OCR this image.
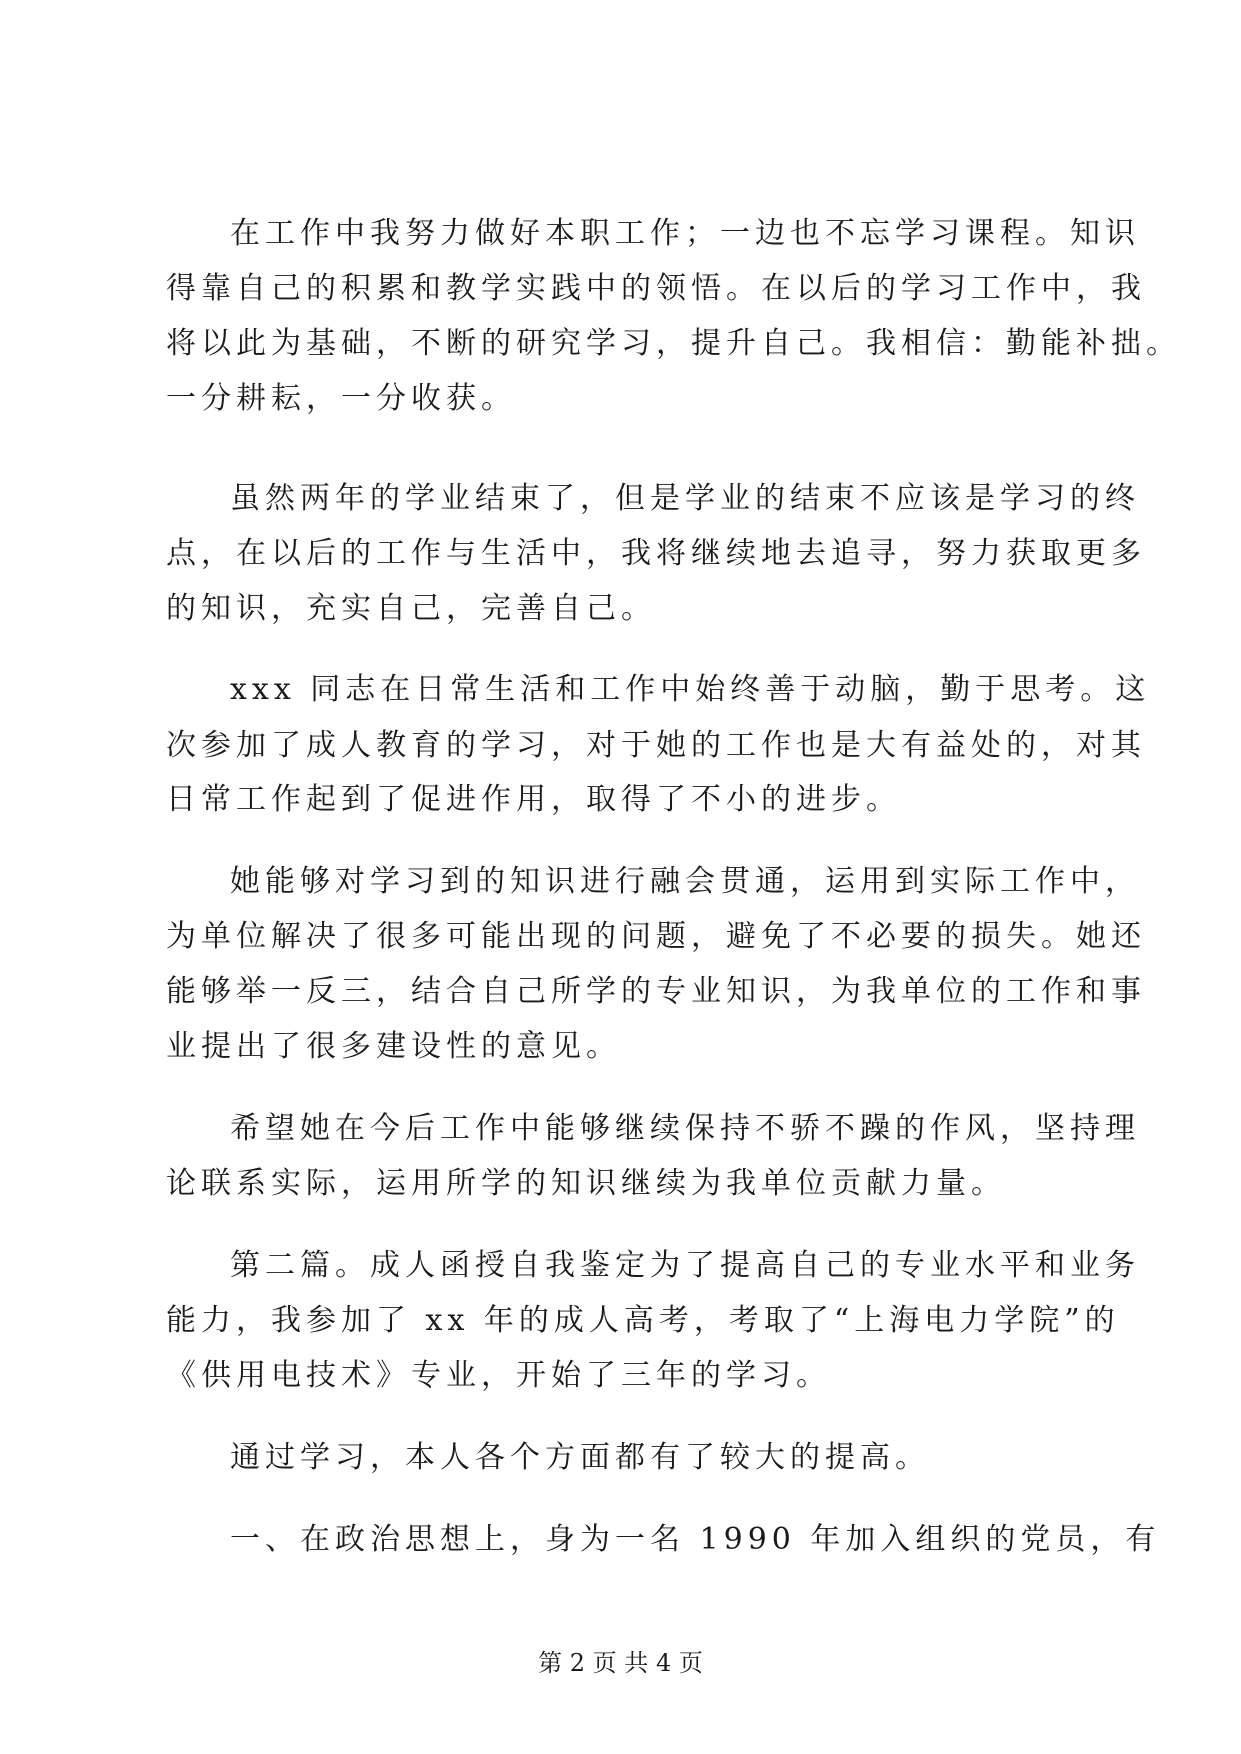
在工作中我努力做好本职工作；一边也不忘学习课程。知识
得靠自己的积累和教学实践中的领悟。在以后的学习工作中，我
将以此为基础，不断的研究学习，提升自己。我相信：勤能补拙。
一分耕耘，一分收获。
虽然两年的学业结束了，但是学业的结束不应该是学习的终
点，在以后的工作与生活中，我将继续地去追寻，努力获取更多
的知识，充实自己，完善自己。
xxx 同志在日常生活和工作中始终善于动脑，勤于思考。这
次参加了成人教育的学习，对于她的工作也是大有益处的，对其
日常工作起到了促进作用，取得了不小的进步。
她能够对学习到的知识进行融会贯通，运用到实际工作中，
为单位解决了很多可能出现的问题，避免了不必要的损失。她还
能够举一反三，结合自己所学的专业知识，为我单位的工作和事
业提出了很多建设性的意见。
希望她在今后工作中能够继续保持不骄不躁的作风，坚持理
论联系实际，运用所学的知识继续为我单位贡献力量。
第二篇。成人函授自我鉴定为了提高自己的专业水平和业务
能力，我参加了 xx 年的成人高考，考取了“上海电力学院”的
《供用电技术》专业，开始了三年的学习。
通过学习，本人各个方面都有了较大的提高。
一、在政治思想上，身为一名 1990 年加入组织的党员，有
第 2 页 共 4 页
